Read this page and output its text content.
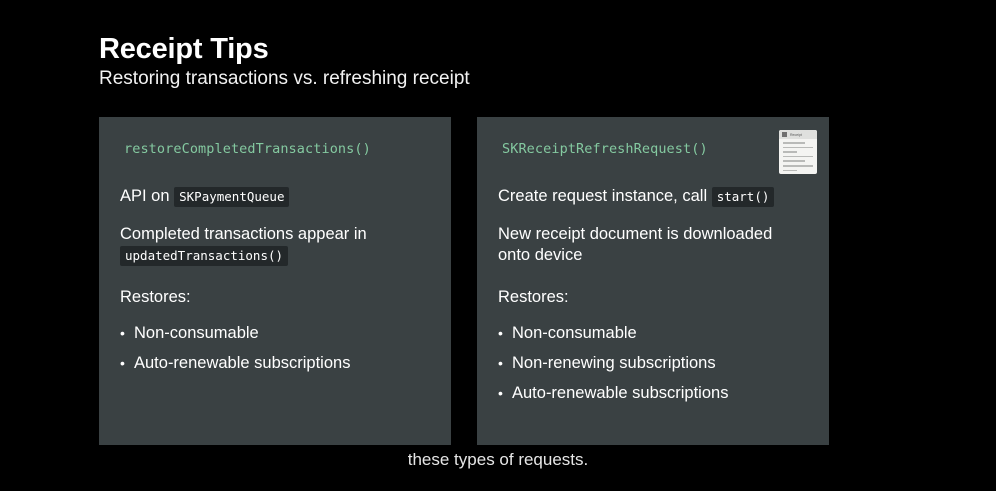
Receipt Tips
Restoring transactions vs. refreshing receipt
restoreCompletedTransactions()
API on SKPaymentQueue
Completed transactions appear in
updatedTransactions()
Restores:
• Non-consumable
• Auto-renewable subscriptions
SKReceiptRefreshRequest()
Receipt
Create request instance, call start()
New receipt document is downloaded onto device
Restores:
• Non-consumable
• Non-renewing subscriptions
• Auto-renewable subscriptions
these types of requests.
